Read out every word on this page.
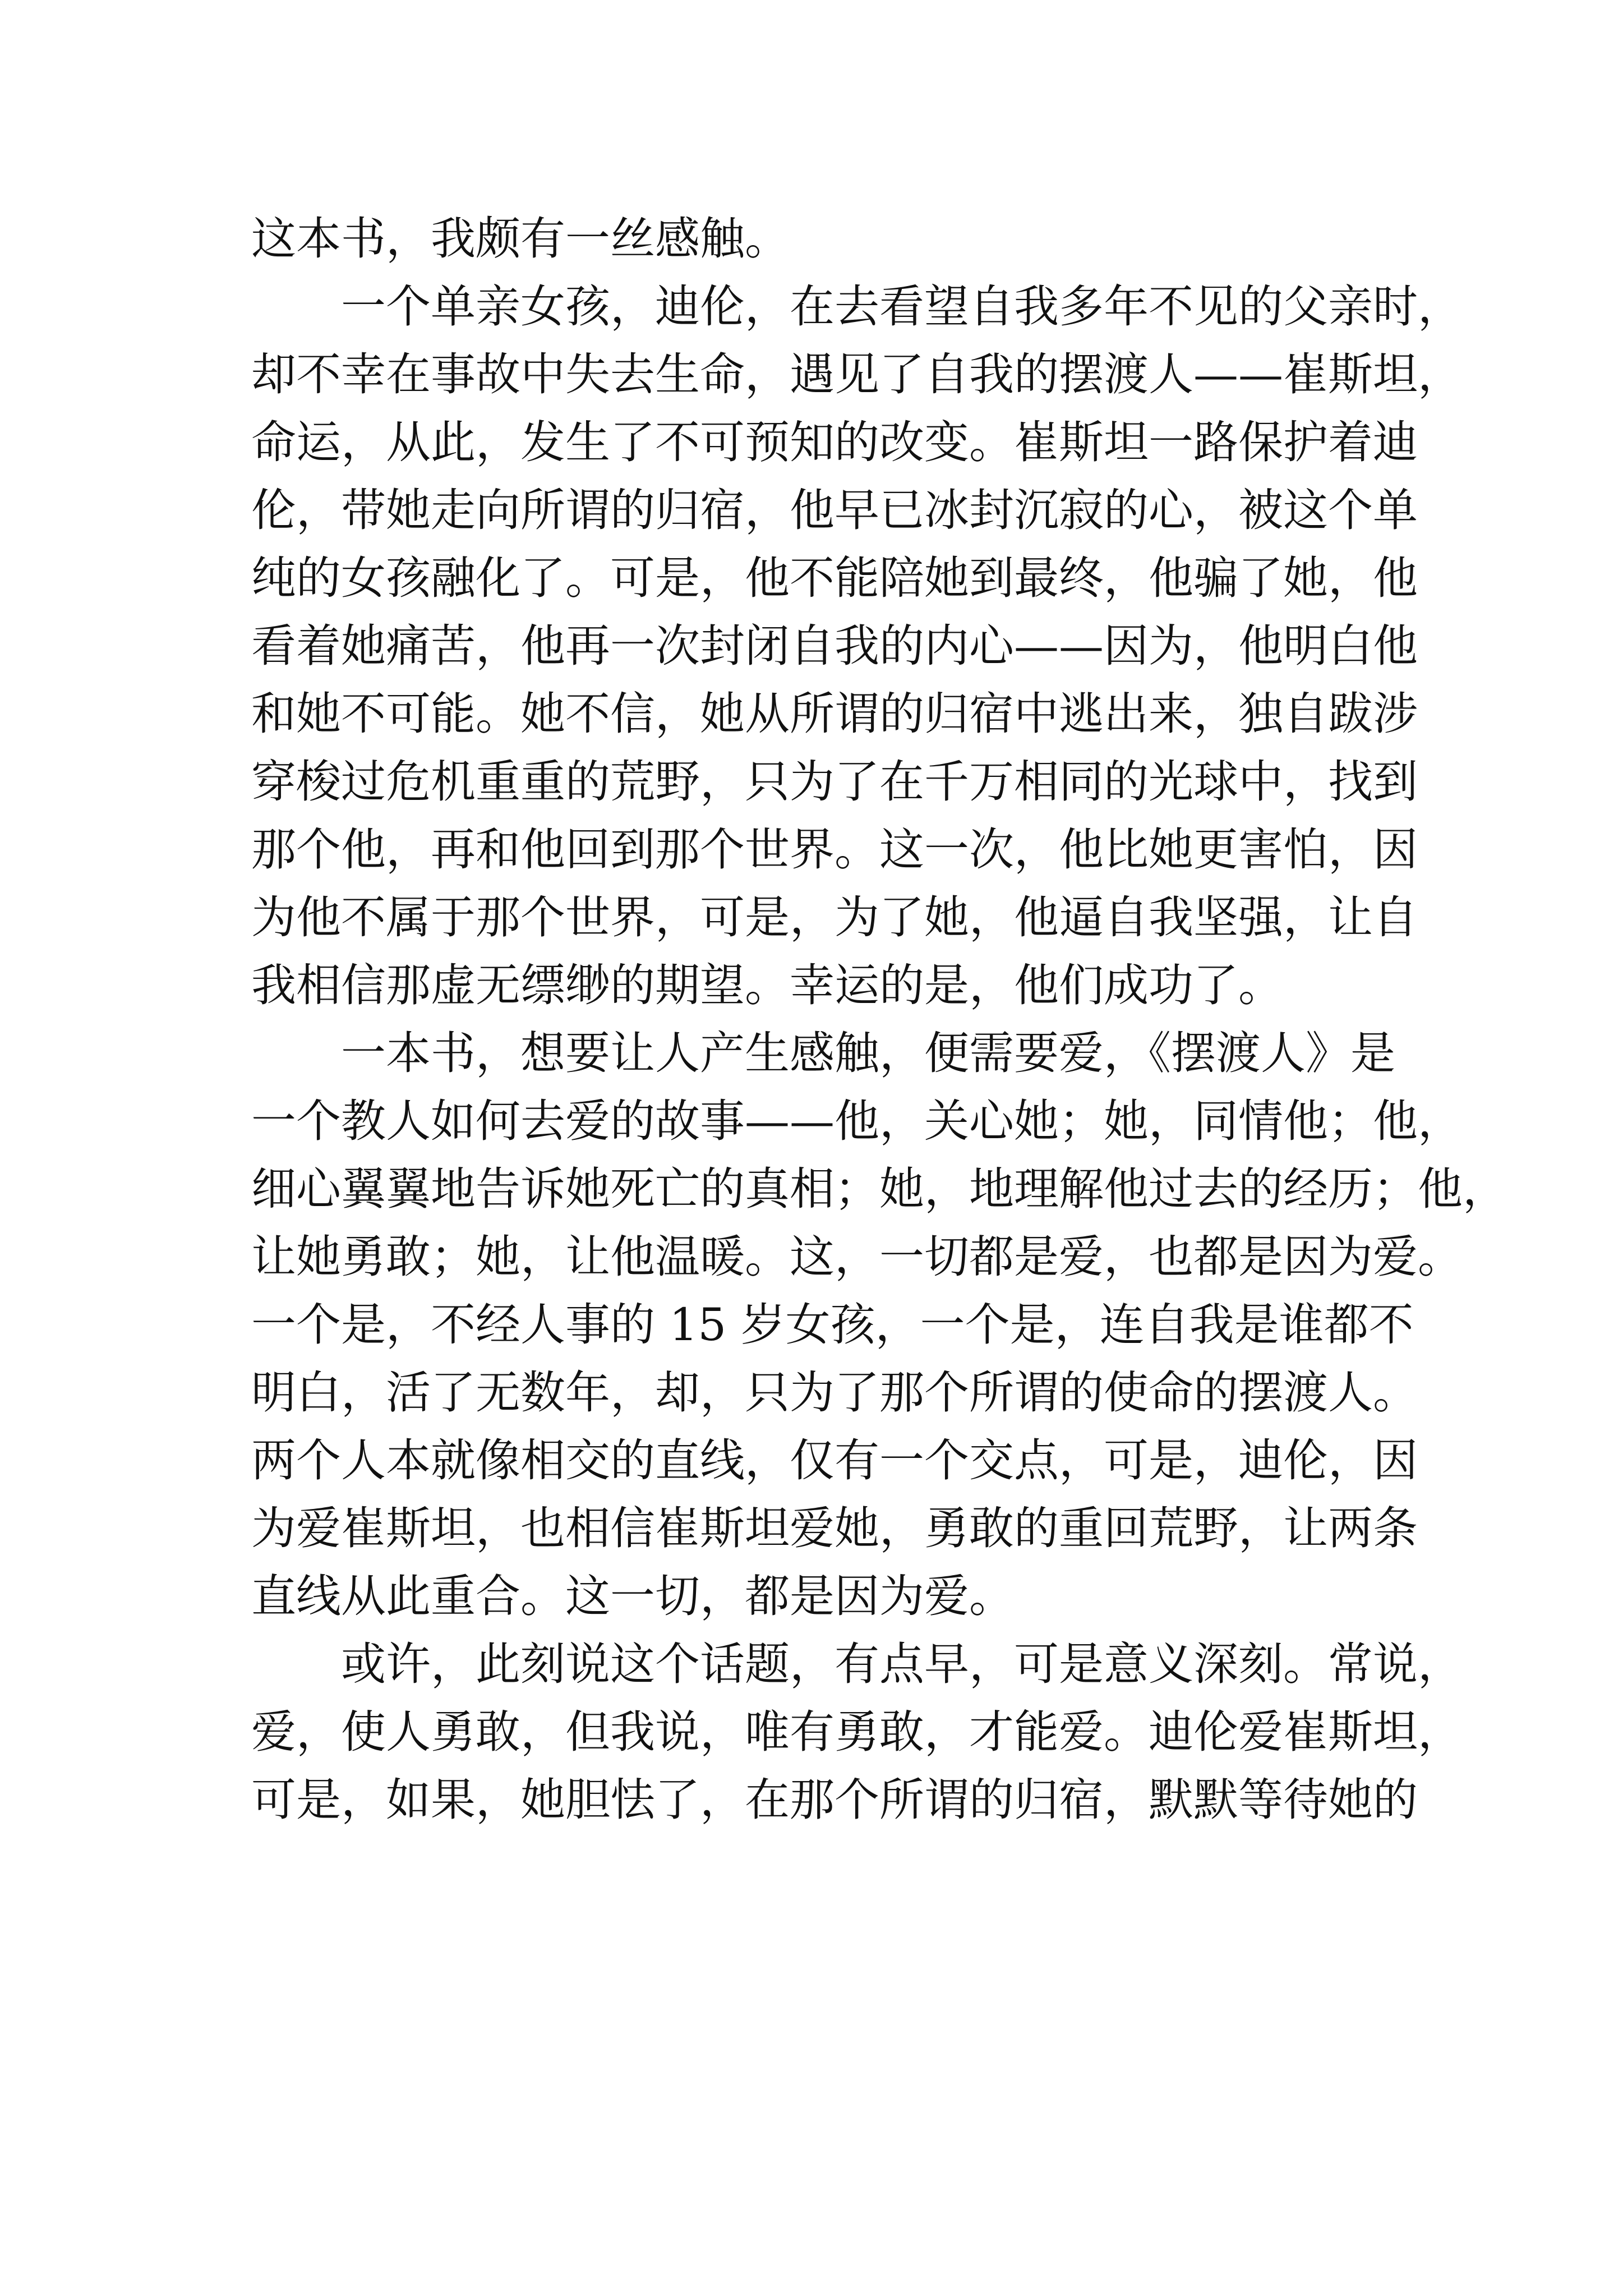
这本书，我颇有一丝感触。
一个单亲女孩，迪伦，在去看望自我多年不见的父亲时，
却不幸在事故中失去生命，遇见了自我的摆渡人——崔斯坦，
命运，从此，发生了不可预知的改变。崔斯坦一路保护着迪
伦，带她走向所谓的归宿，他早已冰封沉寂的心，被这个单
纯的女孩融化了。可是，他不能陪她到最终，他骗了她，他
看着她痛苦，他再一次封闭自我的内心——因为，他明白他
和她不可能。她不信，她从所谓的归宿中逃出来，独自跋涉
穿梭过危机重重的荒野，只为了在千万相同的光球中，找到
那个他，再和他回到那个世界。这一次，他比她更害怕，因
为他不属于那个世界，可是，为了她，他逼自我坚强，让自
我相信那虚无缥缈的期望。幸运的是，他们成功了。
一本书，想要让人产生感触，便需要爱，《摆渡人》是
一个教人如何去爱的故事——他，关心她；她，同情他；他，
细心翼翼地告诉她死亡的真相；她，地理解他过去的经历；他，
让她勇敢；她，让他温暖。这，一切都是爱，也都是因为爱。
一个是，不经人事的 15 岁女孩，一个是，连自我是谁都不
明白，活了无数年，却，只为了那个所谓的使命的摆渡人。
两个人本就像相交的直线，仅有一个交点，可是，迪伦，因
为爱崔斯坦，也相信崔斯坦爱她，勇敢的重回荒野，让两条
直线从此重合。这一切，都是因为爱。
或许，此刻说这个话题，有点早，可是意义深刻。常说，
爱，使人勇敢，但我说，唯有勇敢，才能爱。迪伦爱崔斯坦，
可是，如果，她胆怯了，在那个所谓的归宿，默默等待她的
